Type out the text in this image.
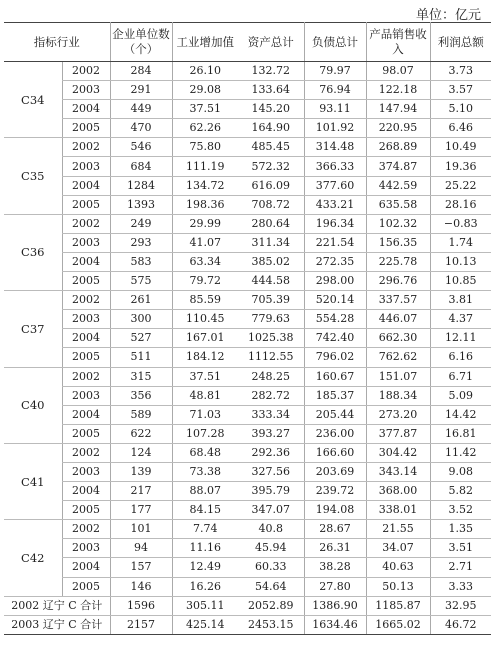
单位：亿元
指标行业		企业单位数（个）	工业增加值	资产总计	负债总计	产品销售收入	利润总额
C34	2002	284	26.10	132.72	79.97	98.07	3.73
	2003	291	29.08	133.64	76.94	122.18	3.57
	2004	449	37.51	145.20	93.11	147.94	5.10
	2005	470	62.26	164.90	101.92	220.95	6.46
C35	2002	546	75.80	485.45	314.48	268.89	10.49
	2003	684	111.19	572.32	366.33	374.87	19.36
	2004	1284	134.72	616.09	377.60	442.59	25.22
	2005	1393	198.36	708.72	433.21	635.58	28.16
C36	2002	249	29.99	280.64	196.34	102.32	−0.83
	2003	293	41.07	311.34	221.54	156.35	1.74
	2004	583	63.34	385.02	272.35	225.78	10.13
	2005	575	79.72	444.58	298.00	296.76	10.85
C37	2002	261	85.59	705.39	520.14	337.57	3.81
	2003	300	110.45	779.63	554.28	446.07	4.37
	2004	527	167.01	1025.38	742.40	662.30	12.11
	2005	511	184.12	1112.55	796.02	762.62	6.16
C40	2002	315	37.51	248.25	160.67	151.07	6.71
	2003	356	48.81	282.72	185.37	188.34	5.09
	2004	589	71.03	333.34	205.44	273.20	14.42
	2005	622	107.28	393.27	236.00	377.87	16.81
C41	2002	124	68.48	292.36	166.60	304.42	11.42
	2003	139	73.38	327.56	203.69	343.14	9.08
	2004	217	88.07	395.79	239.72	368.00	5.82
	2005	177	84.15	347.07	194.08	338.01	3.52
C42	2002	101	7.74	40.8	28.67	21.55	1.35
	2003	94	11.16	45.94	26.31	34.07	3.51
	2004	157	12.49	60.33	38.28	40.63	2.71
	2005	146	16.26	54.64	27.80	50.13	3.33
2002 辽宁 C 合计		1596	305.11	2052.89	1386.90	1185.87	32.95
2003 辽宁 C 合计		2157	425.14	2453.15	1634.46	1665.02	46.72
